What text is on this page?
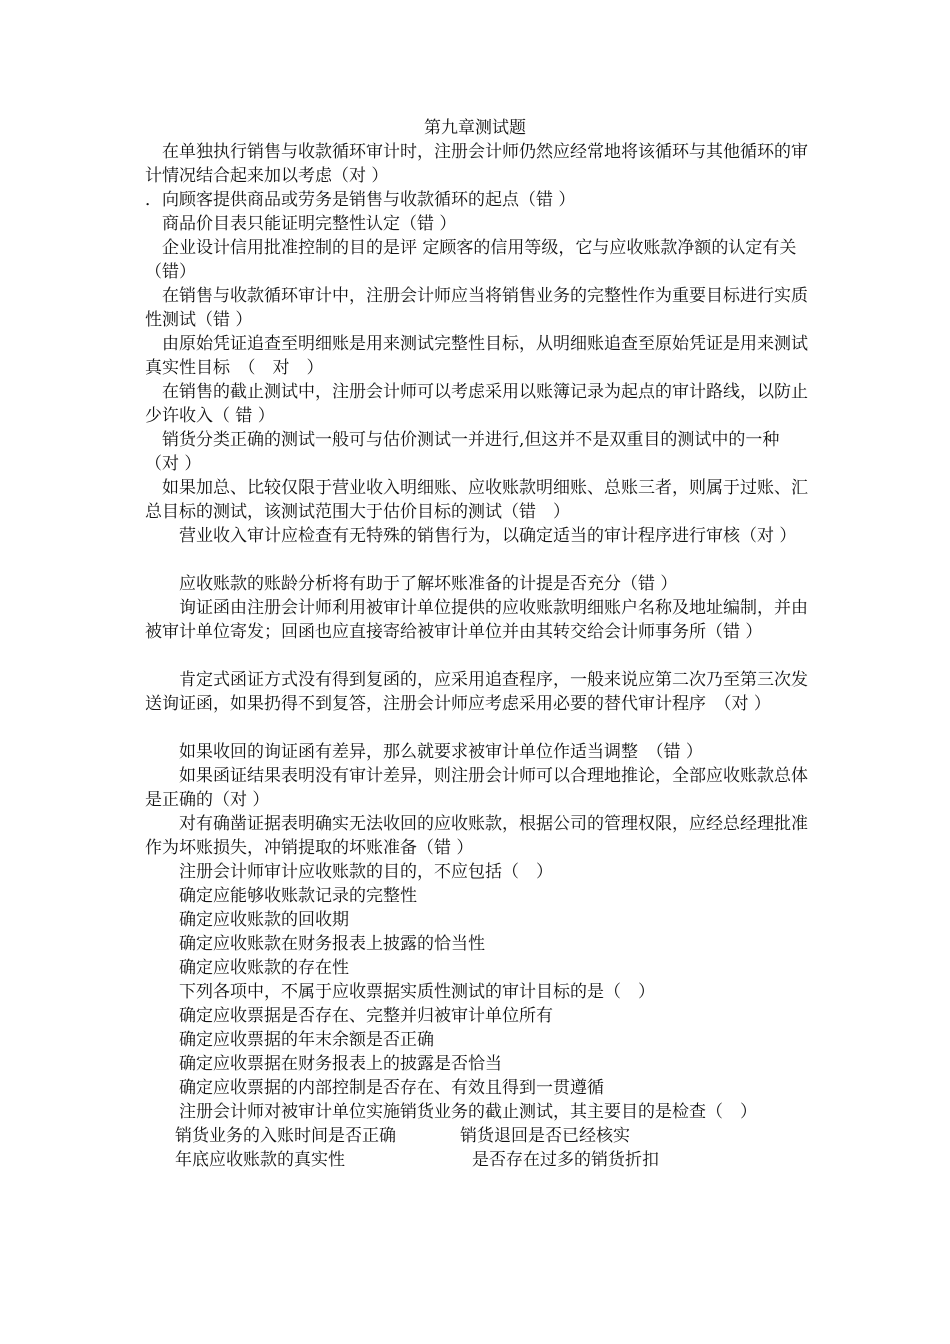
第九章测试题
　在单独执行销售与收款循环审计时，注册会计师仍然应经常地将该循环与其他循环的审计情况结合起来加以考虑（对 ）
．向顾客提供商品或劳务是销售与收款循环的起点（错 ）
　商品价目表只能证明完整性认定（错 ）
　企业设计信用批准控制的目的是评 定顾客的信用等级，它与应收账款净额的认定有关（错）
　在销售与收款循环审计中，注册会计师应当将销售业务的完整性作为重要目标进行实质性测试（错 ）
　由原始凭证追查至明细账是用来测试完整性目标，从明细账追查至原始凭证是用来测试真实性目标　（　对　）
　在销售的截止测试中，注册会计师可以考虑采用以账簿记录为起点的审计路线，以防止少许收入（ 错 ）
　销货分类正确的测试一般可与估价测试一并进行,但这并不是双重目的测试中的一种　（对 ）
　如果加总、比较仅限于营业收入明细账、应收账款明细账、总账三者，则属于过账、汇总目标的测试，该测试范围大于估价目标的测试（错　）
　　营业收入审计应检查有无特殊的销售行为，以确定适当的审计程序进行审核（对 ）
　　应收账款的账龄分析将有助于了解坏账准备的计提是否充分（错 ）
　　询证函由注册会计师利用被审计单位提供的应收账款明细账户名称及地址编制，并由被审计单位寄发；回函也应直接寄给被审计单位并由其转交给会计师事务所（错 ）
　　肯定式函证方式没有得到复函的，应采用追查程序，一般来说应第二次乃至第三次发送询证函，如果扔得不到复答，注册会计师应考虑采用必要的替代审计程序　（对 ）
　　如果收回的询证函有差异，那么就要求被审计单位作适当调整　（错 ）
　　如果函证结果表明没有审计差异，则注册会计师可以合理地推论，全部应收账款总体是正确的（对 ）
　　对有确凿证据表明确实无法收回的应收账款，根据公司的管理权限，应经总经理批准作为坏账损失，冲销提取的坏账准备（错 ）
　　注册会计师审计应收账款的目的，不应包括（　）
　　确定应能够收账款记录的完整性
　　确定应收账款的回收期
　　确定应收账款在财务报表上披露的恰当性
　　确定应收账款的存在性
　　下列各项中，不属于应收票据实质性测试的审计目标的是（　）
　　确定应收票据是否存在、完整并归被审计单位所有
　　确定应收票据的年末余额是否正确
　　确定应收票据在财务报表上的披露是否恰当
　　确定应收票据的内部控制是否存在、有效且得到一贯遵循
　　注册会计师对被审计单位实施销货业务的截止测试，其主要目的是检查（　）
销货业务的入账时间是否正确	销货退回是否已经核实
年底应收账款的真实性	是否存在过多的销货折扣
